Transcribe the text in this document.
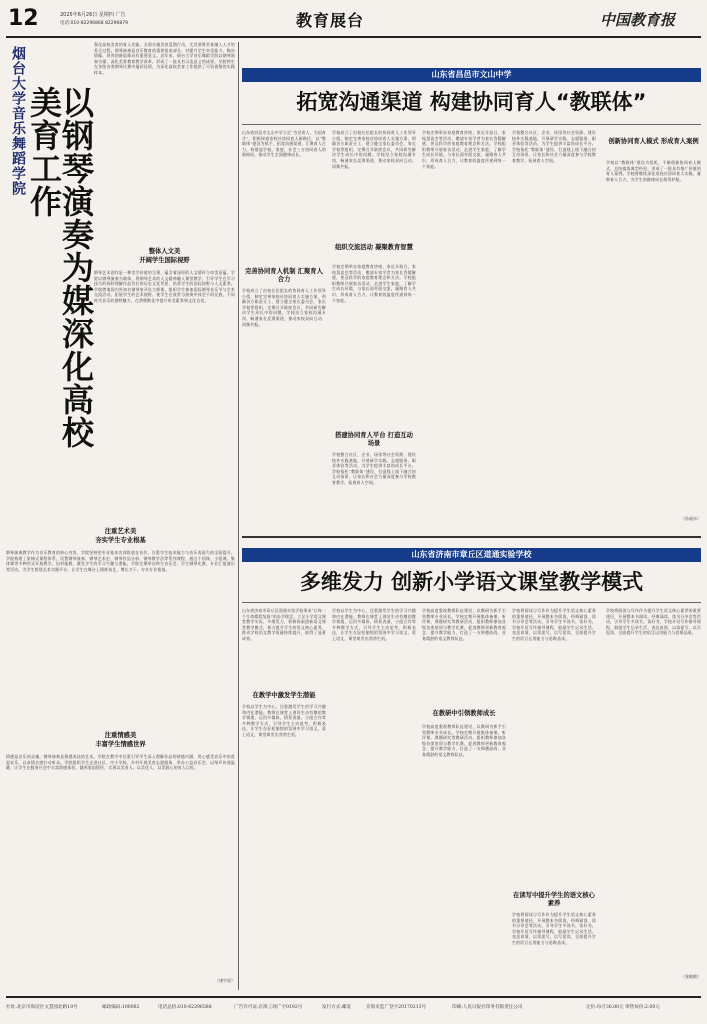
12	2025年6月26日 星期四 广告
电话:010-82296868 82296879	教育展台	中国教育报
烟台大学音乐舞蹈学院 以钢琴演奏为媒深化高校美育工作
强化高校美育的育人功能，全面实施美育浸润行动，尤其要将美育融入人才培养全过程。钢琴演奏是音乐教育的重要组成部分，对提升学生审美能力、陶冶情操、培养创新思维具有重要意义。近年来，烟台大学音乐舞蹈学院以钢琴演奏为媒，深化美育教育教学改革，形成了一批具有示范意义的成果，学院师生在各级各类钢琴比赛中屡获佳绩，为深化高校美育工作提供了可资借鉴的实践样本。
整体人文美
开阔学生国际视野
钢琴艺术创作是一种美学价值的呈现，蕴含着深厚的人文情怀与审美意蕴。学院以钢琴演奏为载体，将钢琴艺术的人文精神融入课堂教学，引导学生在学习技巧的同时理解作品背后的历史文化背景，培养学生的国际视野与人文素养。学院聘请国内外知名钢琴家开设大师课，组织学生参加国际钢琴音乐节与学术交流活动，拓展学生的艺术视野，使学生在欣赏与演奏中体会不同民族、不同时代音乐的独特魅力，在潜移默化中提升审美素养和文化自信。
注重艺术美
夯实学生专业根基
钢琴演奏教学作为音乐教育的核心内容，学院坚持把专业基本功训练放在首位，注重学生技术能力与音乐表现力的全面提升。学院构建了阶梯式课程体系，设置钢琴演奏、钢琴艺术史、钢琴作品分析、钢琴教学法等系列课程，通过个别课、小组课、集体课等多种形式开展教学，因材施教，激发学生的学习兴趣与潜能。学院定期举办师生音乐会、学生钢琴比赛、专业汇报演出等活动，为学生搭建艺术实践平台，让学生在舞台上锤炼技艺、增长才干，夯实专业根基。
注重情感美
丰富学生情感世界
情感是音乐的灵魂，钢琴演奏是情感表达的艺术。学院在教学中注重引导学生深入理解作品的情感内涵，用心感受音乐中的喜怒哀乐，以真情实感打动听众。学院组织学生走进社区、中小学校、乡村开展美育志愿服务，举办公益音乐会，以琴声传递温暖，让学生在服务社会中丰富情感体验、涵养家国情怀，实现以美育人、以美化人、以美润心的育人目标。
（康宇星）
山东省昌邑市文山中学
拓宽沟通渠道 构建协同育人“教联体”
山东省昌邑市文山中学立足“为党育人、为国育才”，积极探索家校社协同育人新路径，以“教联体”建设为抓手，拓宽沟通渠道，汇聚育人合力，构建起学校、家庭、社会三方协同育人的新格局，推动学生全面健康成长。
完善协同育人机制 汇聚育人合力
学校成立了由校长任组长的协同育人工作领导小组，制定完善家校社协同育人实施方案，明确各方职责分工，建立健全家长委员会、家长学校等组织，定期召开联席会议，共同研究解决学生成长中的问题。学校设立家校沟通专岗，畅通家长反馈渠道，推动家校双向互动、同频共振。
学校成立了由校长任组长的协同育人工作领导小组，制定完善家校社协同育人实施方案，明确各方职责分工，建立健全家长委员会、家长学校等组织，定期召开联席会议，共同研究解决学生成长中的问题。学校设立家校沟通专岗，畅通家长反馈渠道，推动家校双向互动、同频共振。
组织交流活动 凝聚教育智慧
学校定期举办家庭教育讲座、家长开放日、家校恳谈会等活动，邀请专家学者为家长答疑解惑，普及科学的家庭教育理念和方法。学校组织教师开展家访活动，走进学生家庭，了解学生成长环境，与家长面对面交流，凝聚育人共识，形成育人合力，让教育的温度传递到每一个家庭。
搭建协同育人平台 打造互动场景
学校整合社区、企业、场馆等社会资源，建设校外实践基地，开展研学实践、志愿服务、职业体验等活动，为学生提供丰富的成长平台。学校依托“教联体”建设，打造线上线下融合的互动场景，让家长和社会力量深度参与学校教育教学，拓展育人空间。
学校定期举办家庭教育讲座、家长开放日、家校恳谈会等活动，邀请专家学者为家长答疑解惑，普及科学的家庭教育理念和方法。学校组织教师开展家访活动，走进学生家庭，了解学生成长环境，与家长面对面交流，凝聚育人共识，形成育人合力，让教育的温度传递到每一个家庭。
学校整合社区、企业、场馆等社会资源，建设校外实践基地，开展研学实践、志愿服务、职业体验等活动，为学生提供丰富的成长平台。学校依托“教联体”建设，打造线上线下融合的互动场景，让家长和社会力量深度参与学校教育教学，拓展育人空间。
创新协同育人模式 形成育人案例
学校以“教联体”建设为契机，不断创新协同育人模式，总结提炼典型经验，形成了一批具有推广价值的育人案例。学校将继续深化家校社协同育人实践，凝聚育人合力，为学生的健康成长保驾护航。
（孙丽东）
山东省济南市章丘区道通实验学校
多维发力 创新小学语文课堂教学模式
山东省济南市章丘区道通实验学校秉承“让每一个生命精彩绽放”的办学理念，立足小学语文课堂教学实际，多维发力，积极探索创新语文课堂教学模式，着力提升学生的语文核心素养，推动学校语文教学质量持续提升，取得了显著成效。
在教学中激发学生潜能
学校以学生为中心，注重激发学生的学习兴趣和内在潜能。教师在课堂上创设生动有趣的教学情境，运用多媒体、情景表演、小组合作等多种教学方式，引导学生主动思考、积极表达，让学生在轻松愉悦的氛围中学习语文、爱上语文，课堂焕发出勃勃生机。
学校以学生为中心，注重激发学生的学习兴趣和内在潜能。教师在课堂上创设生动有趣的教学情境，运用多媒体、情景表演、小组合作等多种教学方式，引导学生主动思考、积极表达，让学生在轻松愉悦的氛围中学习语文、爱上语文，课堂焕发出勃勃生机。
学校高度重视教师队伍建设，以教研为抓手引领教师专业成长。学校定期开展集体备课、听评课、课题研究等教研活动，组织教师参加各级各类培训与教学比赛，促进教师更新教育观念、提升教学能力，打造了一支师德高尚、业务精湛的语文教师队伍。
在教研中引领教师成长
学校高度重视教师队伍建设，以教研为抓手引领教师专业成长。学校定期开展集体备课、听评课、课题研究等教研活动，组织教师参加各级各类培训与教学比赛，促进教师更新教育观念、提升教学能力，打造了一支师德高尚、业务精湛的语文教师队伍。
学校将阅读与写作作为提升学生语文核心素养的重要途径，开展整本书阅读、经典诵读、读书分享会等活动，引导学生多读书、读好书。学校开设写作指导课程，鼓励学生记录生活、表达真情，以读促写、以写促读，全面提升学生的语言运用能力与思维品质。
在读写中提升学生的语文核心素养
学校将阅读与写作作为提升学生语文核心素养的重要途径，开展整本书阅读、经典诵读、读书分享会等活动，引导学生多读书、读好书。学校开设写作指导课程，鼓励学生记录生活、表达真情，以读促写、以写促读，全面提升学生的语言运用能力与思维品质。
学校将阅读与写作作为提升学生语文核心素养的重要途径，开展整本书阅读、经典诵读、读书分享会等活动，引导学生多读书、读好书。学校开设写作指导课程，鼓励学生记录生活、表达真情，以读促写、以写促读，全面提升学生的语言运用能力与思维品质。
（张敏敏）
社址:北京市海淀区文慧园北路10号	邮政编码:100082	电话总机:010-82296588	广告许可证:京海工商广字0192号	发行方式:邮发	京海市监广登字20170213号	印刷:人民日报社印务有限责任公司	定价:每月36.00元 零售每份:2.00元
